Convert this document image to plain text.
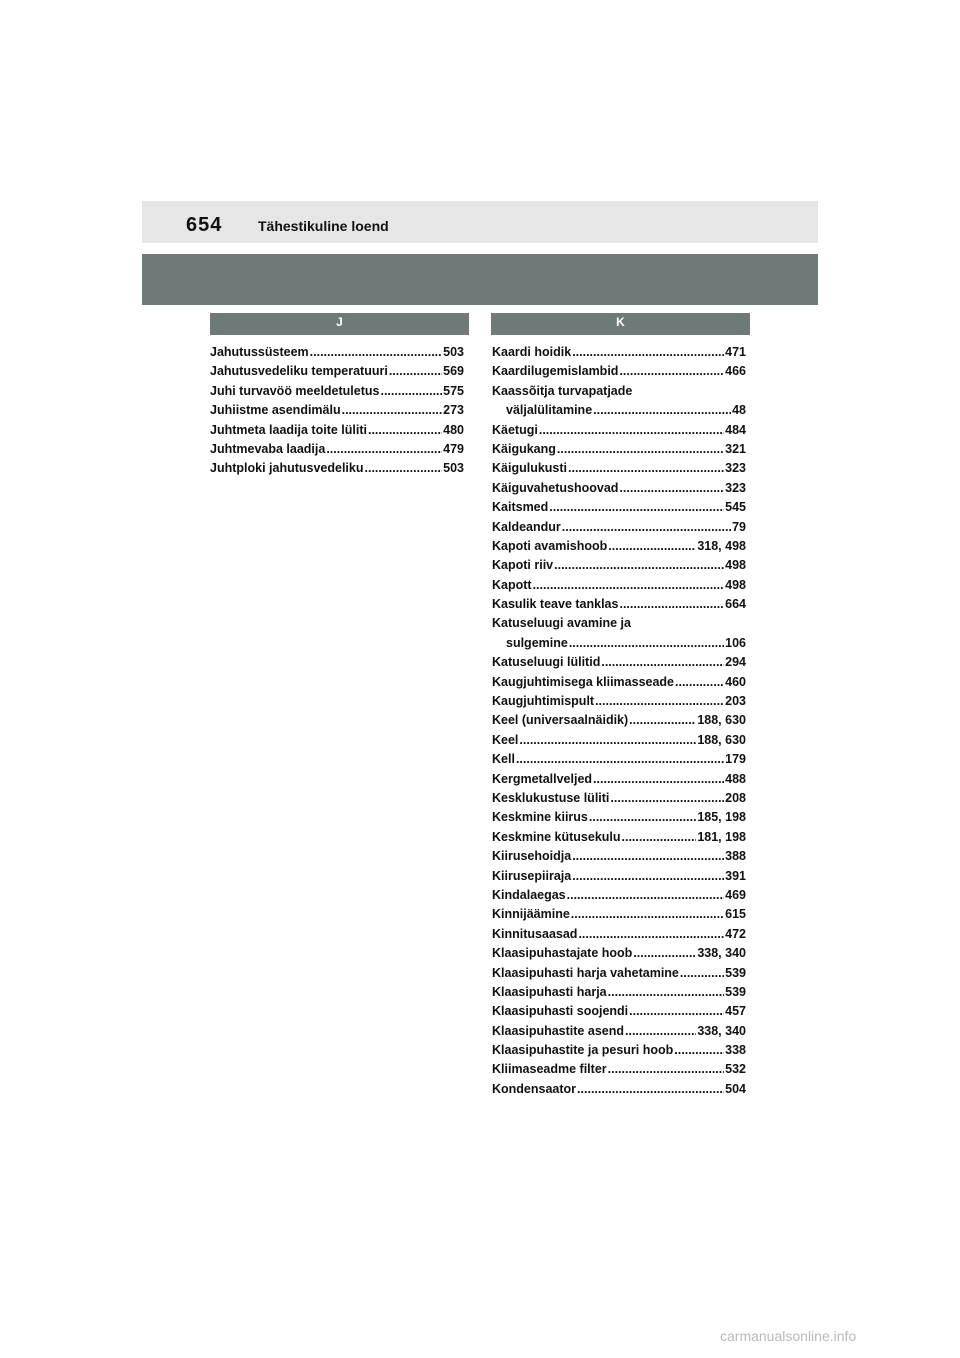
654	Tähestikuline loend
J	K
Jahutussüsteem .....	503
Jahutusvedeliku temperatuuri .....	569
Juhi turvavöö meeldetuletus .....	575
Juhiistme asendimälu .....	273
Juhtmeta laadija toite lüliti .....	480
Juhtmevaba laadija .....	479
Juhtploki jahutusvedeliku .....	503
Kaardi hoidik .....	471
Kaardilugemislambid .....	466
Kaassõitja turvapatjade
väljalülitamine .....	48
Käetugi .....	484
Käigukang .....	321
Käigulukusti .....	323
Käiguvahetushoovad .....	323
Kaitsmed .....	545
Kaldeandur .....	79
Kapoti avamishoob .....	318, 498
Kapoti riiv .....	498
Kapott .....	498
Kasulik teave tanklas .....	664
Katuseluugi avamine ja
sulgemine .....	106
Katuseluugi lülitid .....	294
Kaugjuhtimisega kliimasseade .....	460
Kaugjuhtimispult .....	203
Keel (universaalnäidik) .....	188, 630
Keel .....	188, 630
Kell .....	179
Kergmetallveljed .....	488
Kesklukustuse lüliti .....	208
Keskmine kiirus .....	185, 198
Keskmine kütusekulu .....	181, 198
Kiirusehoidja .....	388
Kiirusepiiraja .....	391
Kindalaegas .....	469
Kinnijäämine .....	615
Kinnitusaasad .....	472
Klaasipuhastajate hoob .....	338, 340
Klaasipuhasti harja vahetamine .....	539
Klaasipuhasti harja .....	539
Klaasipuhasti soojendi .....	457
Klaasipuhastite asend .....	338, 340
Klaasipuhastite ja pesuri hoob .....	338
Kliimaseadme filter .....	532
Kondensaator .....	504
carmanualsonline.info
